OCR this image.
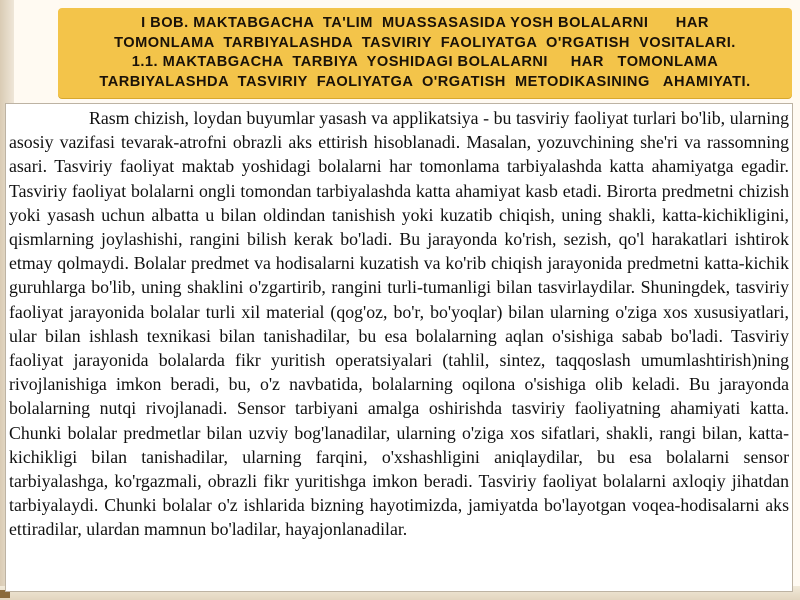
I BOB. MAKTABGACHA  TA'LIM  MUASSASASIDA YOSH BOLALARNI      HAR
TOMONLAMA  TARBIYALASHDA  TASVIRIY  FAOLIYATGA  O'RGATISH  VOSITALARI.
1.1. MAKTABGACHA  TARBIYA  YOSHIDAGI BOLALARNI     HAR   TOMONLAMA
TARBIYALASHDA  TASVIRIY  FAOLIYATGA  O'RGATISH  METODIKASINING   AHAMIYATI.

Rasm chizish, loydan buyumlar yasash va applikatsiya - bu tasviriy faoliyat turlari bo'lib, ularning asosiy vazifasi tevarak-atrofni obrazli aks ettirish hisoblanadi. Masalan, yozuvchining she'ri va rassomning asari. Tasviriy faoliyat maktab yoshidagi bolalarni har tomonlama tarbiyalashda katta ahamiyatga egadir. Tasviriy faoliyat bolalarni ongli tomondan tarbiyalashda katta ahamiyat kasb etadi. Birorta predmetni chizish yoki yasash uchun albatta u bilan oldindan tanishish yoki kuzatib chiqish, uning shakli, katta-kichikligini, qismlarning joylashishi, rangini bilish kerak bo'ladi. Bu jarayonda ko'rish, sezish, qo'l harakatlari ishtirok etmay qolmaydi. Bolalar predmet va hodisalarni kuzatish va ko'rib chiqish jarayonida predmetni katta-kichik guruhlarga bo'lib, uning shaklini o'zgartirib, rangini turli-tumanligi bilan tasvirlaydilar. Shuningdek, tasviriy faoliyat jarayonida bolalar turli xil material (qog'oz, bo'r, bo'yoqlar) bilan ularning o'ziga xos xususiyatlari, ular bilan ishlash texnikasi bilan tanishadilar, bu esa bolalarning aqlan o'sishiga sabab bo'ladi. Tasviriy faoliyat jarayonida bolalarda fikr yuritish operatsiyalari (tahlil, sintez, taqqoslash umumlashtirish)ning rivojlanishiga imkon beradi, bu, o'z navbatida, bolalarning oqilona o'sishiga olib keladi. Bu jarayonda bolalarning nutqi rivojlanadi. Sensor tarbiyani amalga oshirishda tasviriy faoliyatning ahamiyati katta. Chunki bolalar predmetlar bilan uzviy bog'lanadilar, ularning o'ziga xos sifatlari, shakli, rangi bilan, katta-kichikligi bilan tanishadilar, ularning farqini, o'xshashligini aniqlaydilar, bu esa bolalarni sensor tarbiyalashga, ko'rgazmali, obrazli fikr yuritishga imkon beradi. Tasviriy faoliyat bolalarni axloqiy jihatdan tarbiyalaydi. Chunki bolalar o'z ishlarida bizning hayotimizda, jamiyatda bo'layotgan voqea-hodisalarni aks ettiradilar, ulardan mamnun bo'ladilar, hayajonlanadilar.
